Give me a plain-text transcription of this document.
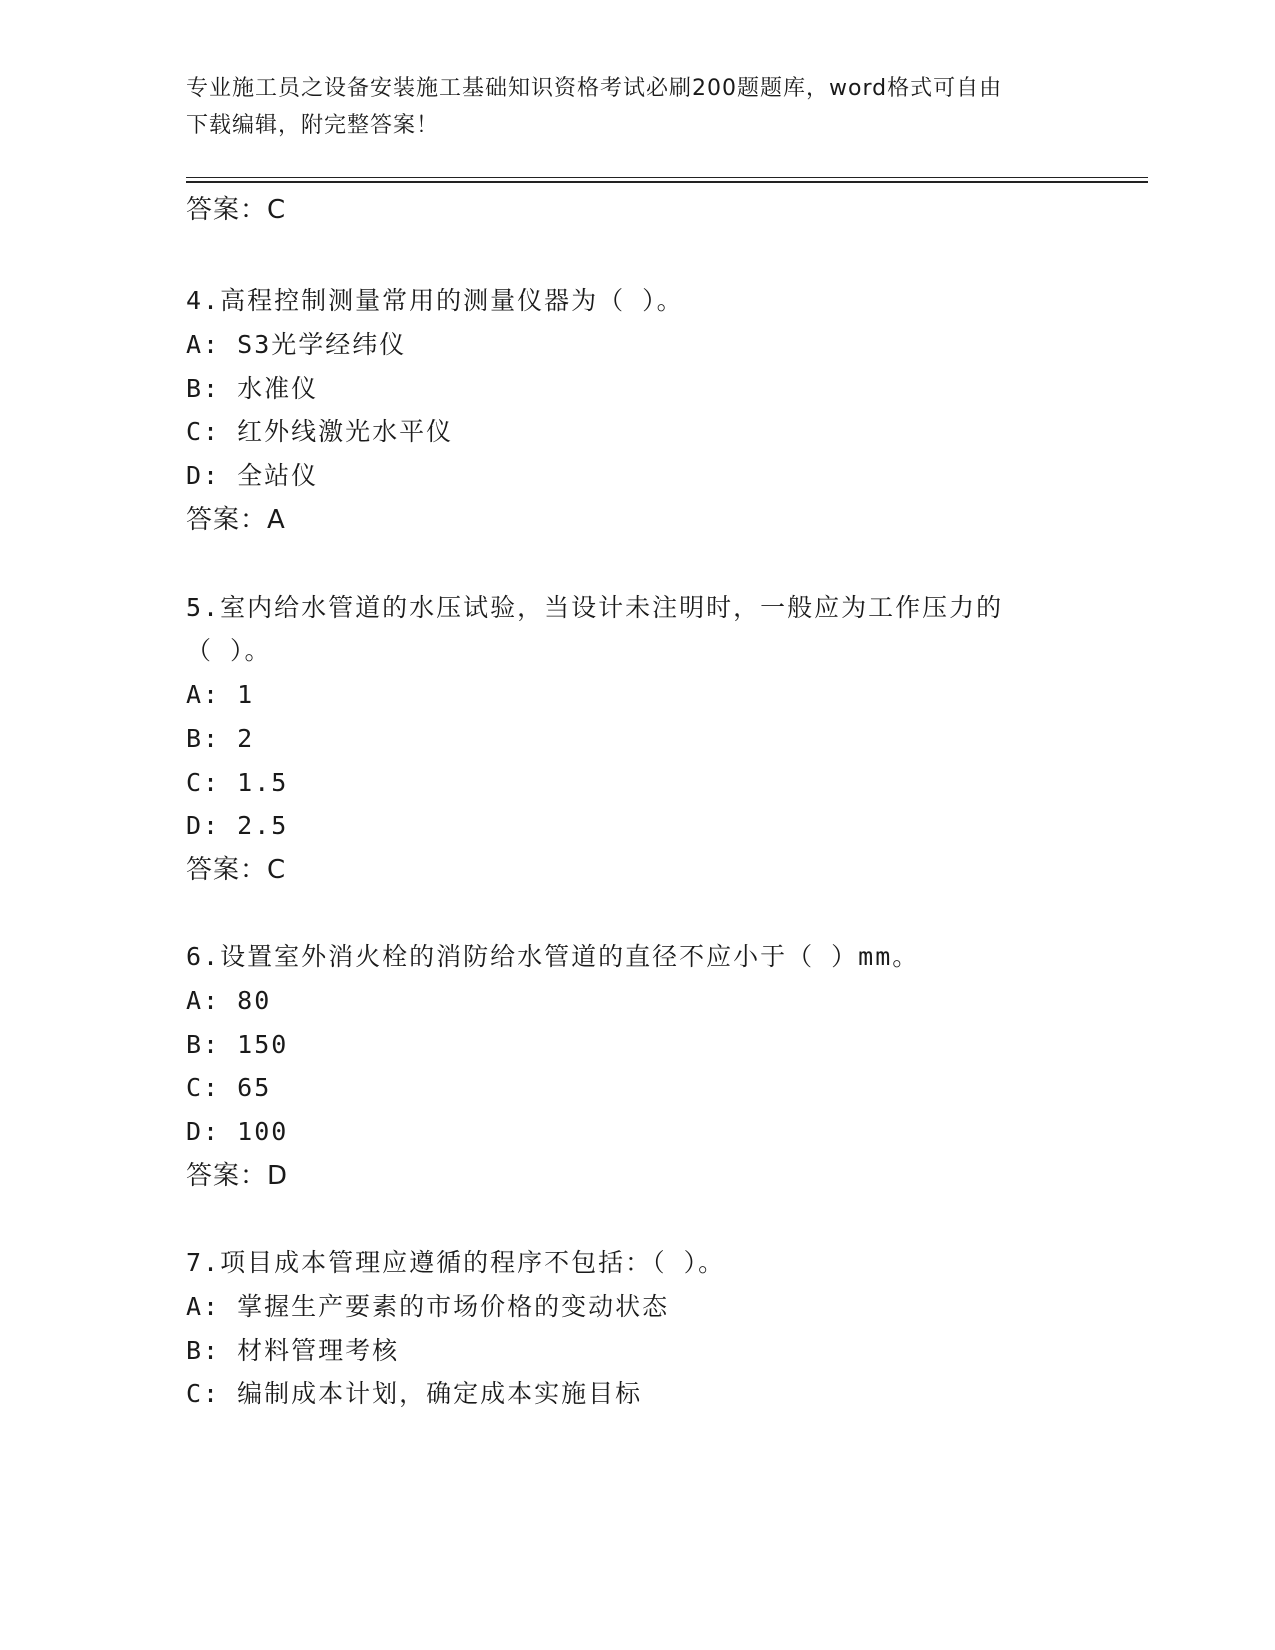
专业施工员之设备安装施工基础知识资格考试必刷200题题库，word格式可自由
下载编辑，附完整答案！
答案：C
4.高程控制测量常用的测量仪器为（ ）。
A: S3光学经纬仪
B: 水准仪
C: 红外线激光水平仪
D: 全站仪
答案：A
5.室内给水管道的水压试验，当设计未注明时，一般应为工作压力的
（ ）。
A: 1
B: 2
C: 1.5
D: 2.5
答案：C
6.设置室外消火栓的消防给水管道的直径不应小于（ ）mm。
A: 80
B: 150
C: 65
D: 100
答案：D
7.项目成本管理应遵循的程序不包括：（ ）。
A: 掌握生产要素的市场价格的变动状态
B: 材料管理考核
C: 编制成本计划，确定成本实施目标
